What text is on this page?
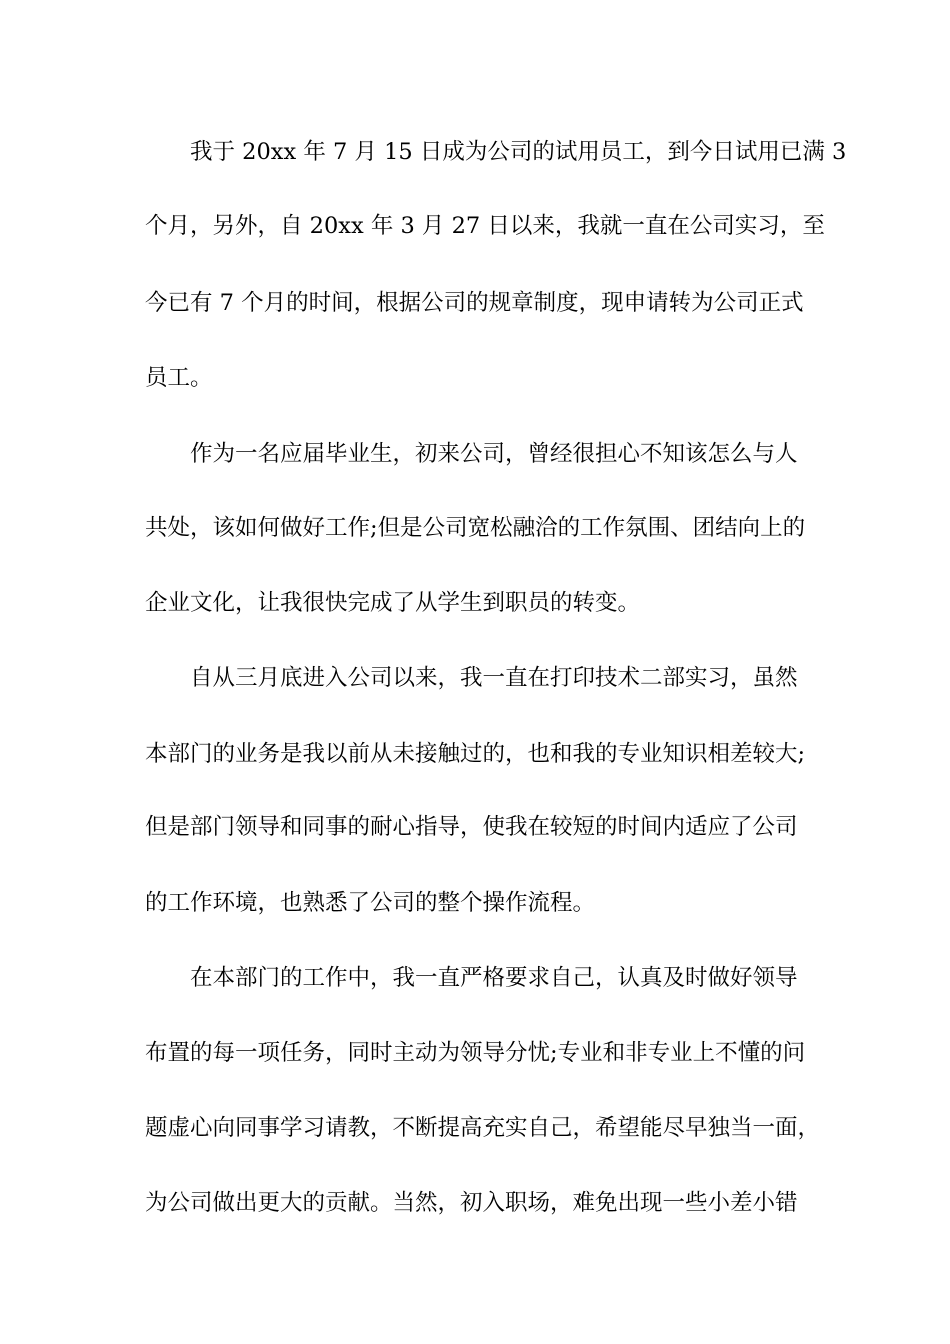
我于 20xx 年 7 月 15 日成为公司的试用员工，到今日试用已满 3
个月，另外，自 20xx 年 3 月 27 日以来，我就一直在公司实习，至
今已有 7 个月的时间，根据公司的规章制度，现申请转为公司正式
员工。
作为一名应届毕业生，初来公司，曾经很担心不知该怎么与人
共处，该如何做好工作;但是公司宽松融洽的工作氛围、团结向上的
企业文化，让我很快完成了从学生到职员的转变。
自从三月底进入公司以来，我一直在打印技术二部实习，虽然
本部门的业务是我以前从未接触过的，也和我的专业知识相差较大;
但是部门领导和同事的耐心指导，使我在较短的时间内适应了公司
的工作环境，也熟悉了公司的整个操作流程。
在本部门的工作中，我一直严格要求自己，认真及时做好领导
布置的每一项任务，同时主动为领导分忧;专业和非专业上不懂的问
题虚心向同事学习请教，不断提高充实自己，希望能尽早独当一面，
为公司做出更大的贡献。当然，初入职场，难免出现一些小差小错
